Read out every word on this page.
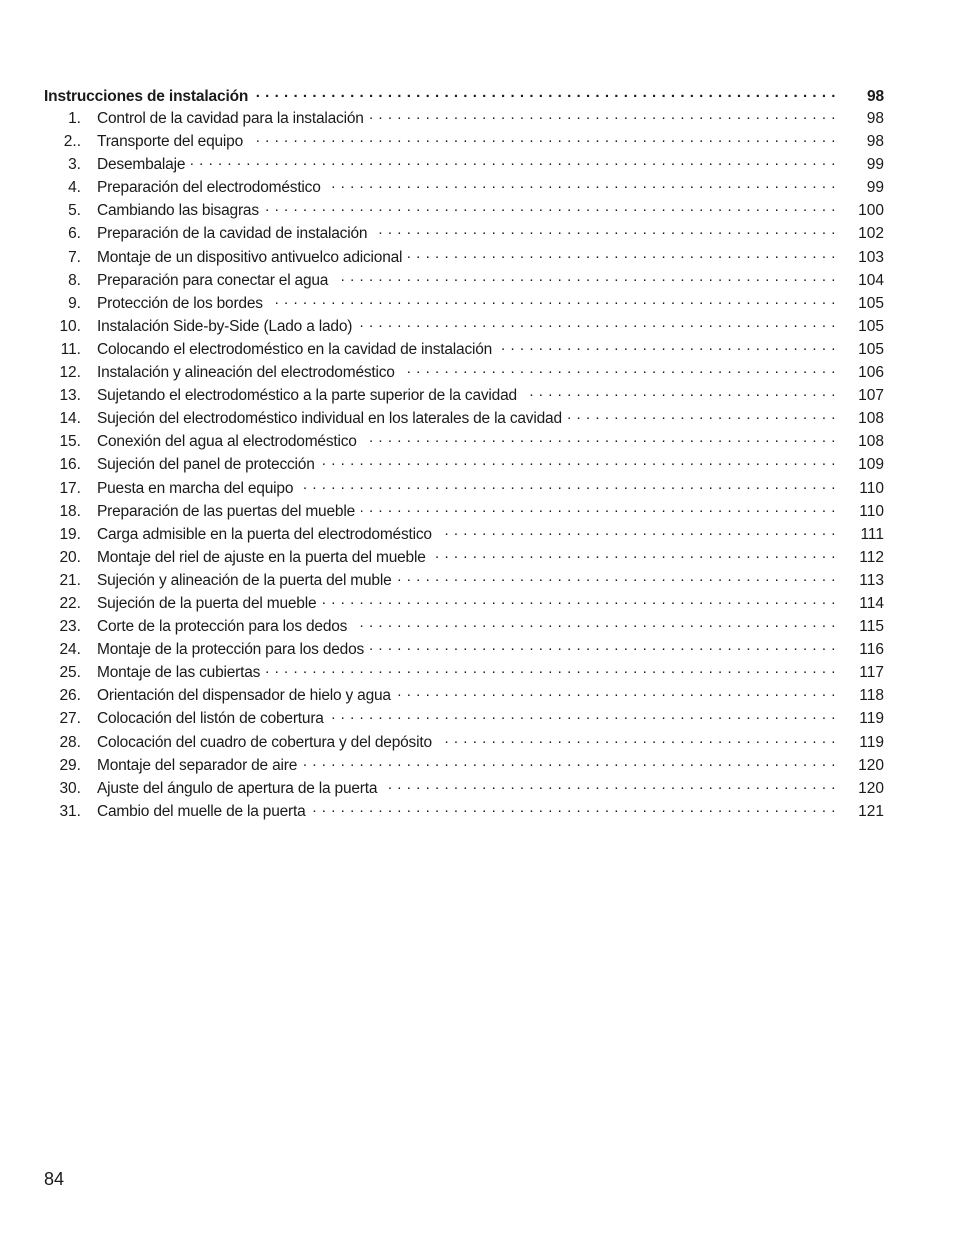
Instrucciones de instalación . . .	98
1. Control de la cavidad para la instalación . . .	98
2.. Transporte del equipo . . .	98
3. Desembalaje . . .	99
4. Preparación del electrodoméstico . . .	99
5. Cambiando las bisagras . . .	100
6. Preparación de la cavidad de instalación . . .	102
7. Montaje de un dispositivo antivuelco adicional . . .	103
8. Preparación para conectar el agua . . .	104
9. Protección de los bordes . . .	105
10. Instalación Side-by-Side (Lado a lado) . . .	105
11. Colocando el electrodoméstico en la cavidad de instalación . . .	105
12. Instalación y alineación del electrodoméstico . . .	106
13. Sujetando el electrodoméstico a la parte superior de la cavidad . . .	107
14. Sujeción del electrodoméstico individual en los laterales de la cavidad . . .	108
15. Conexión del agua al electrodoméstico . . .	108
16. Sujeción del panel de protección . . .	109
17. Puesta en marcha del equipo . . .	110
18. Preparación de las puertas del mueble . . .	110
19. Carga admisible en la puerta del electrodoméstico . . .	111
20. Montaje del riel de ajuste en la puerta del mueble . . .	112
21. Sujeción y alineación de la puerta del muble . . .	113
22. Sujeción de la puerta del mueble . . .	114
23. Corte de la protección para los dedos . . .	115
24. Montaje de la protección para los dedos . . .	116
25. Montaje de las cubiertas . . .	117
26. Orientación del dispensador de hielo y agua . . .	118
27. Colocación del listón de cobertura . . .	119
28. Colocación del cuadro de cobertura y del depósito . . .	119
29. Montaje del separador de aire . . .	120
30. Ajuste del ángulo de apertura de la puerta . . .	120
31. Cambio del muelle de la puerta . . .	121
84
